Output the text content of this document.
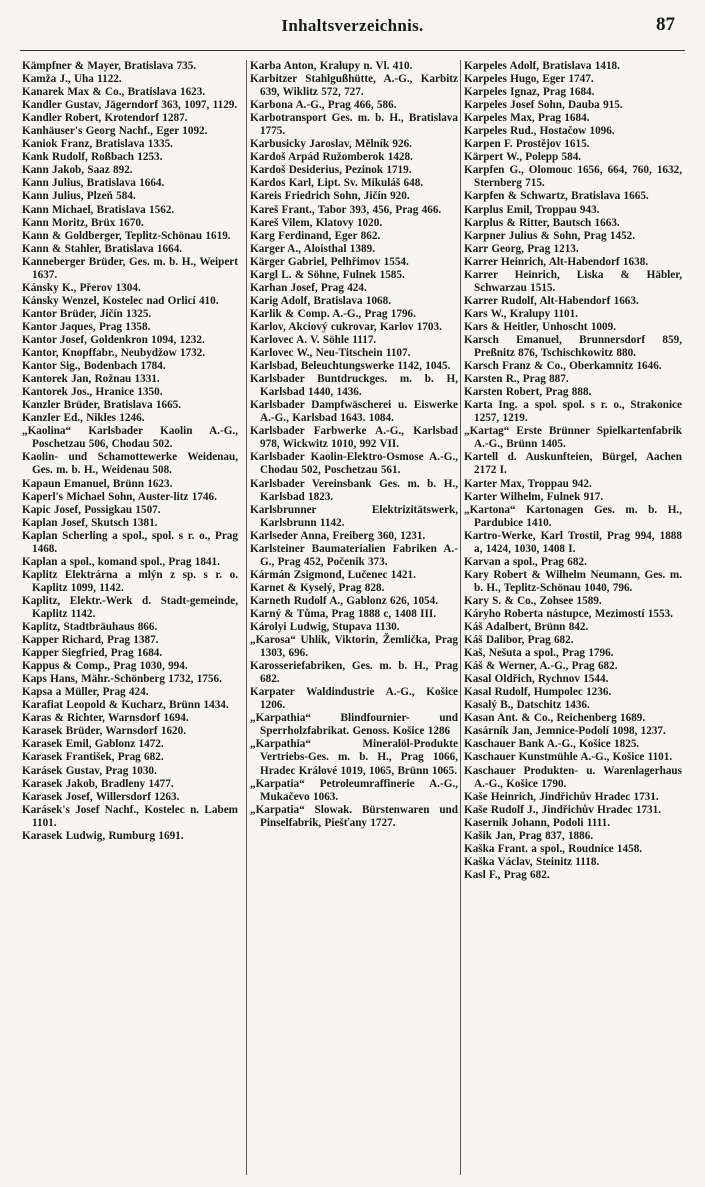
Inhaltsverzeichnis.	87

Kämpfner & Mayer, Bratislava 735.

Kamža J., Uha 1122.

Kanarek Max & Co., Bratislava 1623.

Kandler Gustav, Jägerndorf 363, 1097, 1129.

Kandler Robert, Krotendorf 1287.

Kanhäuser's Georg Nachf., Eger 1092.

Kaniok Franz, Bratislava 1335.

Kank Rudolf, Roßbach 1253.

Kann Jakob, Saaz 892.

Kann Julius, Bratislava 1664.

Kann Julius, Plzeň 584.

Kann Michael, Bratislava 1562.

Kann Moritz, Brüx 1670.

Kann & Goldberger, Teplitz-Schönau 1619.

Kann & Stahler, Bratislava 1664.

Kanneberger Brüder, Ges. m. b. H., Weipert 1637.

Kánsky K., Přerov 1304.

Kánsky Wenzel, Kostelec nad Orlicí 410.

Kantor Brüder, Jičín 1325.

Kantor Jaques, Prag 1358.

Kantor Josef, Goldenkron 1094, 1232.

Kantor, Knopffabr., Neubydžow 1732.

Kantor Sig., Bodenbach 1784.

Kantorek Jan, Rožnau 1331.

Kantorek Jos., Hranice 1350.

Kanzler Brüder, Bratislava 1665.

Kanzler Ed., Nikles 1246.

„Kaolina“ Karlsbader Kaolin A.-G., Poschetzau 506, Chodau 502.

Kaolin- und Schamottewerke Weidenau, Ges. m. b. H., Weidenau 508.

Kapaun Emanuel, Brünn 1623.

Kaperl's Michael Sohn, Auster-litz 1746.

Kapic Josef, Possigkau 1507.

Kaplan Josef, Skutsch 1381.

Kaplan Scherling a spol., spol. s r. o., Prag 1468.

Kaplan a spol., komand spol., Prag 1841.

Kaplitz Elektrárna a mlýn z sp. s r. o. Kaplitz 1099, 1142.

Kaplitz, Elektr.-Werk d. Stadt-gemeinde, Kaplitz 1142.

Kaplitz, Stadtbräuhaus 866.

Kapper Richard, Prag 1387.

Kapper Siegfried, Prag 1684.

Kappus & Comp., Prag 1030, 994.

Kaps Hans, Mähr.-Schönberg 1732, 1756.

Kapsa a Müller, Prag 424.

Karafiat Leopold & Kucharz, Brünn 1434.

Karas & Richter, Warnsdorf 1694.

Karasek Brüder, Warnsdorf 1620.

Karasek Emil, Gablonz 1472.

Karasek František, Prag 682.

Karásek Gustav, Prag 1030.

Karasek Jakob, Bradleny 1477.

Karasek Josef, Willersdorf 1263.

Karásek's Josef Nachf., Kostelec n. Labem 1101.

Karasek Ludwig, Rumburg 1691.

Karba Anton, Kralupy n. Vl. 410.

Karbitzer Stahlgußhütte, A.-G., Karbitz 639, Wiklitz 572, 727.

Karbona A.-G., Prag 466, 586.

Karbotransport Ges. m. b. H., Bratislava 1775.

Karbusicky Jaroslav, Mělník 926.

Kardoš Arpád Ružomberok 1428.

Kardoš Desiderius, Pezinok 1719.

Kardos Karl, Lipt. Sv. Mikuláš 648.

Kareis Friedrich Sohn, Jičín 920.

Kareš Frant., Tabor 393, 456, Prag 466.

Kareš Vilem, Klatovy 1020.

Karg Ferdinand, Eger 862.

Karger A., Aloisthal 1389.

Kärger Gabriel, Pelhřimov 1554.

Kargl L. & Söhne, Fulnek 1585.

Karhan Josef, Prag 424.

Karig Adolf, Bratislava 1068.

Karlik & Comp. A.-G., Prag 1796.

Karlov, Akciový cukrovar, Karlov 1703.

Karlovec A. V. Söhle 1117.

Karlovec W., Neu-Titschein 1107.

Karlsbad, Beleuchtungswerke 1142, 1045.

Karlsbader Buntdruckges. m. b. H, Karlsbad 1440, 1436.

Karlsbader Dampfwäscherei u. Eiswerke A.-G., Karlsbad 1643. 1084.

Karlsbader Farbwerke A.-G., Karlsbad 978, Wickwitz 1010, 992 VII.

Karlsbader Kaolin-Elektro-Osmose A.-G., Chodau 502, Poschetzau 561.

Karlsbader Vereinsbank Ges. m. b. H., Karlsbad 1823.

Karlsbrunner Elektrizitätswerk, Karlsbrunn 1142.

Karlseder Anna, Freiberg 360, 1231.

Karlsteiner Baumaterialien Fabriken A.-G., Prag 452, Počenik 373.

Kármán Zsigmond, Lučenec 1421.

Karnet & Kyselý, Prag 828.

Karneth Rudolf A., Gablonz 626, 1054.

Karný & Tůma, Prag 1888 c, 1408 III.

Károlyi Ludwig, Stupava 1130.

„Karosa“ Uhlik, Viktorin, Žemlička, Prag 1303, 696.

Karosseriefabriken, Ges. m. b. H., Prag 682.

Karpater Waldindustrie A.-G., Košice 1206.

„Karpathia“ Blindfournier- und Sperrholzfabrikat. Genoss. Košice 1286

„Karpathia“ Mineralöl-Produkte Vertriebs-Ges. m. b. H., Prag 1066, Hradec Králové 1019, 1065, Brünn 1065.

„Karpatia“ Petroleumraffinerie A.-G., Mukačevo 1063.

„Karpatia“ Slowak. Bürstenwaren und Pinselfabrik, Piešťany 1727.

Karpeles Adolf, Bratislava 1418.

Karpeles Hugo, Eger 1747.

Karpeles Ignaz, Prag 1684.

Karpeles Josef Sohn, Dauba 915.

Karpeles Max, Prag 1684.

Karpeles Rud., Hostačow 1096.

Karpen F. Prostějov 1615.

Kärpert W., Polepp 584.

Karpfen G., Olomouc 1656, 664, 760, 1632, Sternberg 715.

Karpfen & Schwartz, Bratislava 1665.

Karplus Emil, Troppau 943.

Karplus & Ritter, Bautsch 1663.

Karpner Julius & Sohn, Prag 1452.

Karr Georg, Prag 1213.

Karrer Heinrich, Alt-Habendorf 1638.

Karrer Heinrich, Liska & Häbler, Schwarzau 1515.

Karrer Rudolf, Alt-Habendorf 1663.

Kars W., Kralupy 1101.

Kars & Heitler, Unhoscht 1009.

Karsch Emanuel, Brunnersdorf 859, Preßnitz 876, Tschischkowitz 880.

Karsch Franz & Co., Oberkamnitz 1646.

Karsten R., Prag 887.

Karsten Robert, Prag 888.

Karta Ing. a spol. spol. s r. o., Strakonice 1257, 1219.

„Kartag“ Erste Brünner Spielkartenfabrik A.-G., Brünn 1405.

Kartell d. Auskunfteien, Bürgel, Aachen 2172 I.

Karter Max, Troppau 942.

Karter Wilhelm, Fulnek 917.

„Kartona“ Kartonagen Ges. m. b. H., Pardubice 1410.

Kartro-Werke, Karl Trostil, Prag 994, 1888 a, 1424, 1030, 1408 I.

Karvan a spol., Prag 682.

Kary Robert & Wilhelm Neumann, Ges. m. b. H., Teplitz-Schönau 1040, 796.

Kary S. & Co., Zohsee 1589.

Káryho Roberta nástupce, Mezimostí 1553.

Káš Adalbert, Brünn 842.

Káš Dalibor, Prag 682.

Kaš, Nešuta a spol., Prag 1796.

Káš & Werner, A.-G., Prag 682.

Kasal Oldřich, Rychnov 1544.

Kasal Rudolf, Humpolec 1236.

Kasalý B., Datschitz 1436.

Kasan Ant. & Co., Reichenberg 1689.

Kasárník Jan, Jemnice-Podolí 1098, 1237.

Kaschauer Bank A.-G., Košice 1825.

Kaschauer Kunstmühle A.-G., Košice 1101.

Kaschauer Produkten- u. Warenlagerhaus A.-G., Košice 1790.

Kaše Heinrich, Jindřichův Hradec 1731.

Kaše Rudolf J., Jindřichův Hradec 1731.

Kasernik Johann, Podoli 1111.

Kašik Jan, Prag 837, 1886.

Kaška Frant. a spol., Roudnice 1458.

Kaška Václav, Steinitz 1118.

Kasl F., Prag 682.
